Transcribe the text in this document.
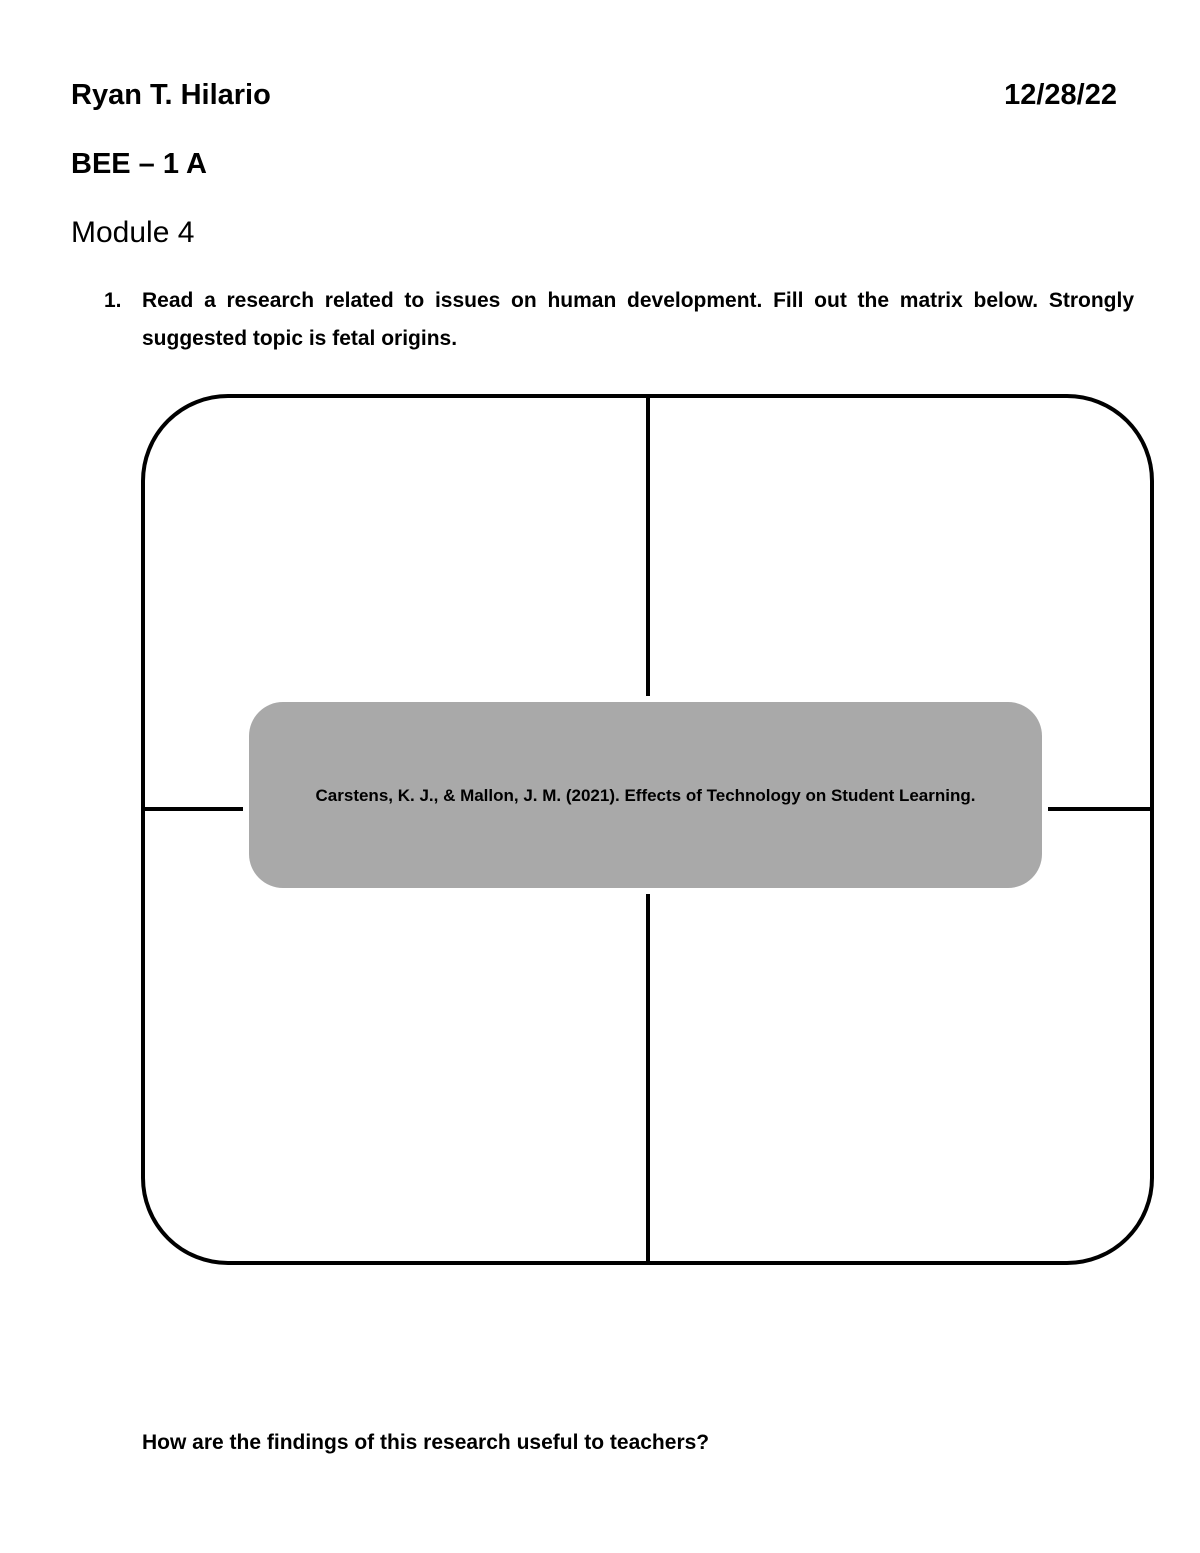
Ryan T. Hilario	12/28/22
BEE – 1 A
Module 4
1. Read a research related to issues on human development. Fill out the matrix below. Strongly suggested topic is fetal origins.
Carstens, K. J., & Mallon, J. M. (2021). Effects of Technology on Student Learning.
How are the findings of this research useful to teachers?
